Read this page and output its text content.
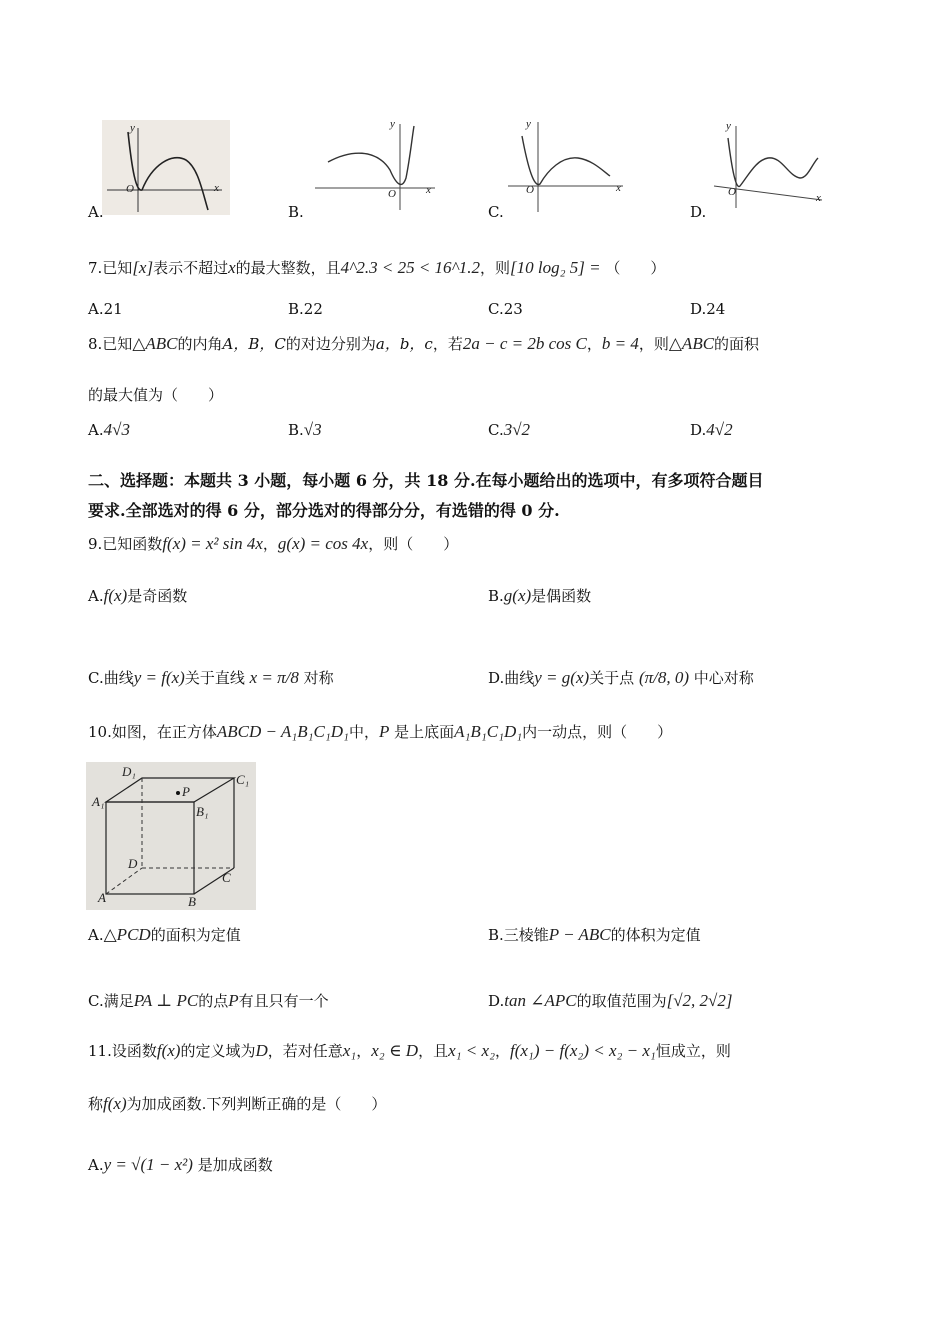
y
x
O
A.
y
x
O
B.
y
x
O
C.
y
x
O
D.
7.已知[x]表示不超过x的最大整数，且4^2.3 < 25 < 16^1.2，则[10 log₂ 5] = （　　）
A.21	B.22	C.23	D.24
8.已知△ABC的内角A，B，C的对边分别为a，b，c，若2a − c = 2b cos C，b = 4，则△ABC的面积
的最大值为（　　）
A.4√3	B.√3	C.3√2	D.4√2
二、选择题：本题共 3 小题，每小题 6 分，共 18 分.在每小题给出的选项中，有多项符合题目
要求.全部选对的得 6 分，部分选对的得部分分，有选错的得 0 分.
9.已知函数f(x) = x² sin 4x，g(x) = cos 4x，则（　　）
A.f(x)是奇函数	B.g(x)是偶函数
C.曲线y = f(x)关于直线 x = π/8 对称	D.曲线y = g(x)关于点 (π/8, 0) 中心对称
10.如图，在正方体ABCD − A₁B₁C₁D₁中，P 是上底面A₁B₁C₁D₁内一动点，则（　　）
D₁
C₁
A₁
B₁
P
D
C
A	B
A.△PCD的面积为定值	B.三棱锥P − ABC的体积为定值
C.满足PA ⊥ PC的点P有且只有一个	D.tan ∠APC的取值范围为[√2, 2√2]
11.设函数f(x)的定义域为D，若对任意x₁，x₂ ∈ D，且x₁ < x₂，f(x₁) − f(x₂) < x₂ − x₁恒成立，则
称f(x)为加成函数.下列判断正确的是（　　）
A.y = √(1 − x²) 是加成函数
